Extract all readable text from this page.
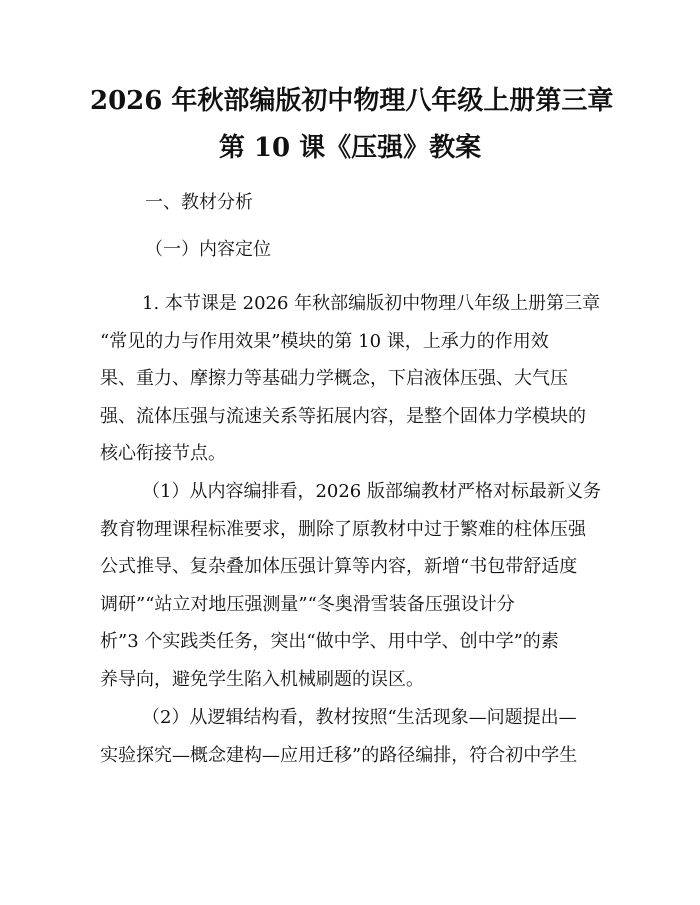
2026 年秋部编版初中物理八年级上册第三章
第 10 课《压强》教案
一、教材分析
（一）内容定位
1. 本节课是 2026 年秋部编版初中物理八年级上册第三章
“常见的力与作用效果”模块的第 10 课，上承力的作用效
果、重力、摩擦力等基础力学概念，下启液体压强、大气压
强、流体压强与流速关系等拓展内容，是整个固体力学模块的
核心衔接节点。
（1）从内容编排看，2026 版部编教材严格对标最新义务
教育物理课程标准要求，删除了原教材中过于繁难的柱体压强
公式推导、复杂叠加体压强计算等内容，新增“书包带舒适度
调研”“站立对地压强测量”“冬奥滑雪装备压强设计分
析”3 个实践类任务，突出“做中学、用中学、创中学”的素
养导向，避免学生陷入机械刷题的误区。
（2）从逻辑结构看，教材按照“生活现象—问题提出—
实验探究—概念建构—应用迁移”的路径编排，符合初中学生
